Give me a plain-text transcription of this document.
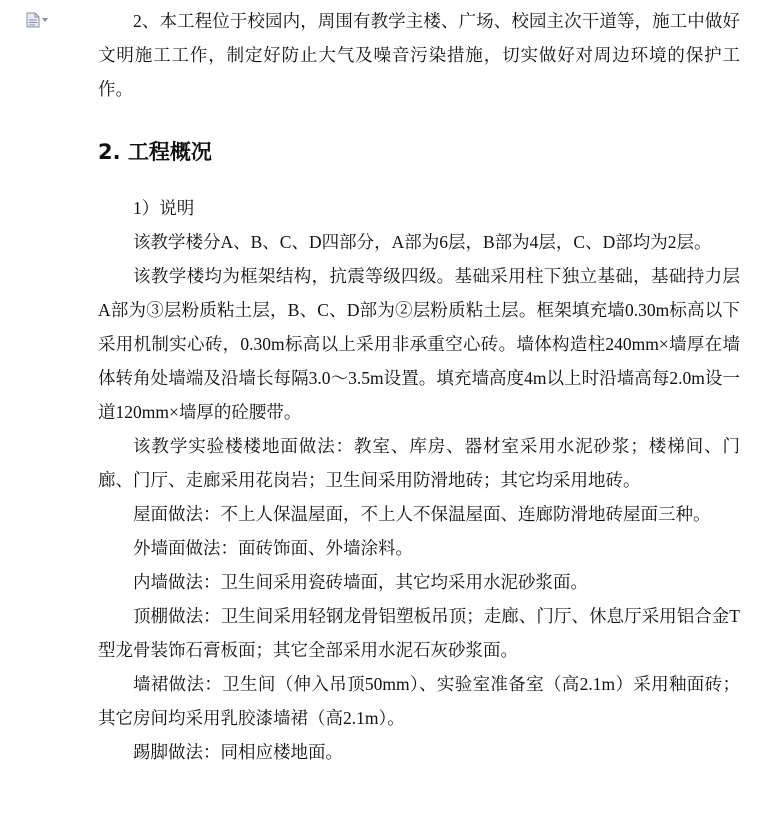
2、本工程位于校园内，周围有教学主楼、广场、校园主次干道等，施工中做好文明施工工作，制定好防止大气及噪音污染措施，切实做好对周边环境的保护工作。

2. 工程概况

1）说明

该教学楼分A、B、C、D四部分，A部为6层，B部为4层，C、D部均为2层。

该教学楼均为框架结构，抗震等级四级。基础采用柱下独立基础，基础持力层A部为③层粉质粘土层，B、C、D部为②层粉质粘土层。框架填充墙0.30m标高以下采用机制实心砖，0.30m标高以上采用非承重空心砖。墙体构造柱240mm×墙厚在墙体转角处墙端及沿墙长每隔3.0～3.5m设置。填充墙高度4m以上时沿墙高每2.0m设一道120mm×墙厚的砼腰带。

该教学实验楼楼地面做法：教室、库房、器材室采用水泥砂浆；楼梯间、门廊、门厅、走廊采用花岗岩；卫生间采用防滑地砖；其它均采用地砖。

屋面做法：不上人保温屋面，不上人不保温屋面、连廊防滑地砖屋面三种。

外墙面做法：面砖饰面、外墙涂料。

内墙做法：卫生间采用瓷砖墙面，其它均采用水泥砂浆面。

顶棚做法：卫生间采用轻钢龙骨铝塑板吊顶；走廊、门厅、休息厅采用铝合金T型龙骨装饰石膏板面；其它全部采用水泥石灰砂浆面。

墙裙做法：卫生间（伸入吊顶50mm）、实验室准备室（高2.1m）采用釉面砖；其它房间均采用乳胶漆墙裙（高2.1m）。

踢脚做法：同相应楼地面。
